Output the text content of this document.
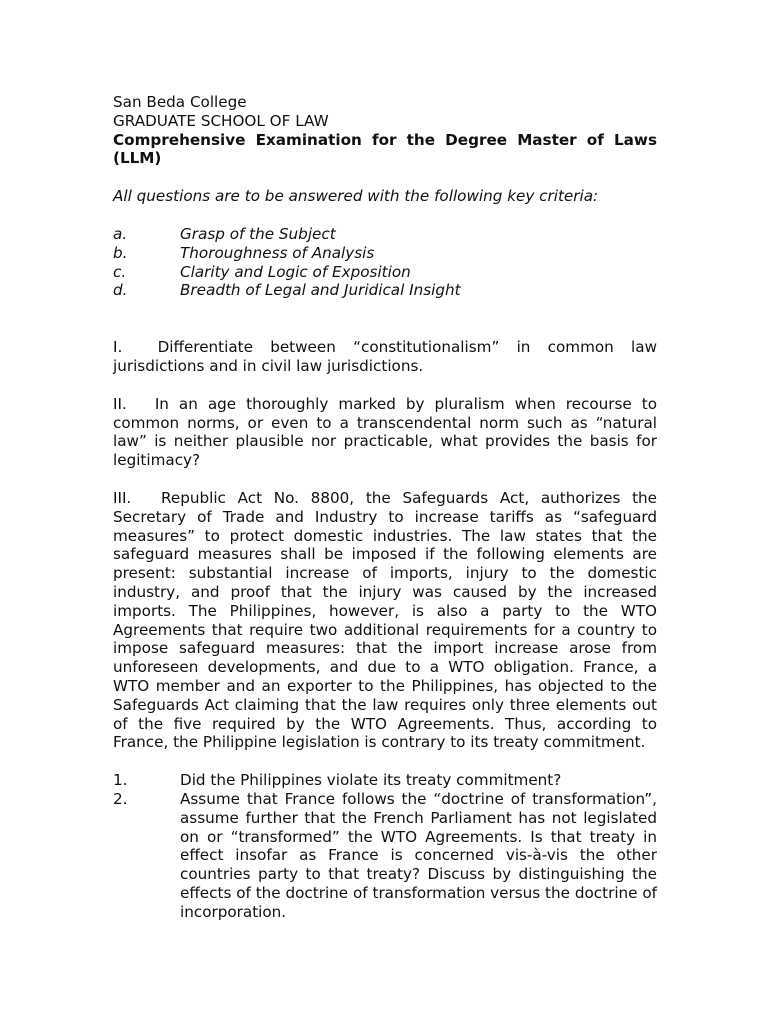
San Beda College
GRADUATE SCHOOL OF LAW
Comprehensive Examination for the Degree Master of Laws (LLM)
All questions are to be answered with the following key criteria:
a.	Grasp of the Subject
b.	Thoroughness of Analysis
c.	Clarity and Logic of Exposition
d.	Breadth of Legal and Juridical Insight

I. Differentiate between “constitutionalism” in common law jurisdictions and in civil law jurisdictions.

II. In an age thoroughly marked by pluralism when recourse to common norms, or even to a transcendental norm such as “natural law” is neither plausible nor practicable, what provides the basis for legitimacy?

III. Republic Act No. 8800, the Safeguards Act, authorizes the Secretary of Trade and Industry to increase tariffs as “safeguard measures” to protect domestic industries. The law states that the safeguard measures shall be imposed if the following elements are present: substantial increase of imports, injury to the domestic industry, and proof that the injury was caused by the increased imports. The Philippines, however, is also a party to the WTO Agreements that require two additional requirements for a country to impose safeguard measures: that the import increase arose from unforeseen developments, and due to a WTO obligation. France, a WTO member and an exporter to the Philippines, has objected to the Safeguards Act claiming that the law requires only three elements out of the five required by the WTO Agreements. Thus, according to France, the Philippine legislation is contrary to its treaty commitment.

1.	Did the Philippines violate its treaty commitment?
2.	Assume that France follows the “doctrine of transformation”, assume further that the French Parliament has not legislated on or “transformed” the WTO Agreements. Is that treaty in effect insofar as France is concerned vis-à-vis the other countries party to that treaty? Discuss by distinguishing the effects of the doctrine of transformation versus the doctrine of incorporation.
